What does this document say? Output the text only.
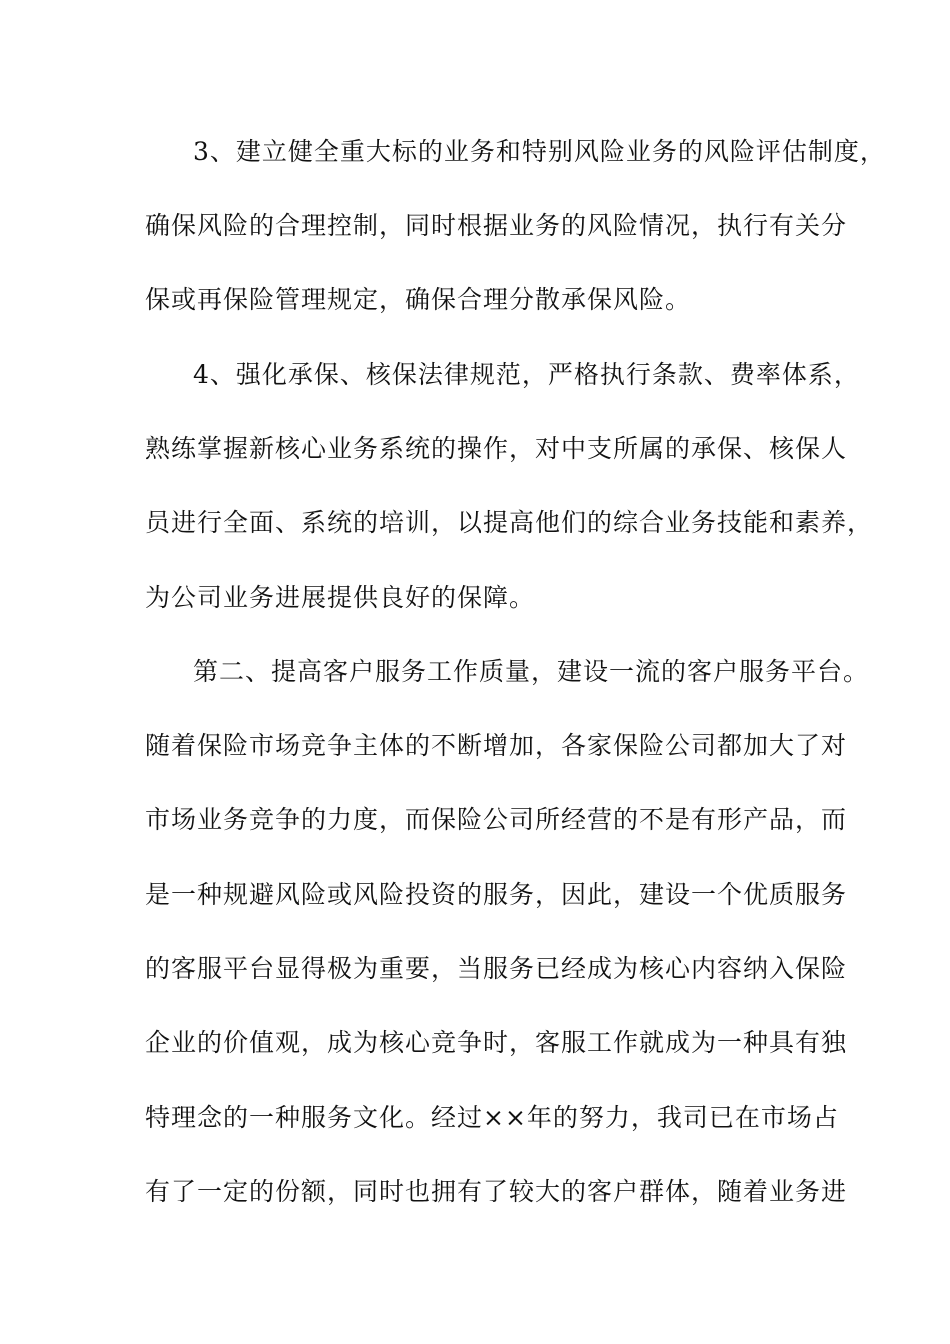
3、建立健全重大标的业务和特别风险业务的风险评估制度，
确保风险的合理控制，同时根据业务的风险情况，执行有关分
保或再保险管理规定，确保合理分散承保风险。
4、强化承保、核保法律规范，严格执行条款、费率体系，
熟练掌握新核心业务系统的操作，对中支所属的承保、核保人
员进行全面、系统的培训，以提高他们的综合业务技能和素养，
为公司业务进展提供良好的保障。
第二、提高客户服务工作质量，建设一流的客户服务平台。
随着保险市场竞争主体的不断增加，各家保险公司都加大了对
市场业务竞争的力度，而保险公司所经营的不是有形产品，而
是一种规避风险或风险投资的服务，因此，建设一个优质服务
的客服平台显得极为重要，当服务已经成为核心内容纳入保险
企业的价值观，成为核心竞争时，客服工作就成为一种具有独
特理念的一种服务文化。经过××年的努力，我司已在市场占
有了一定的份额，同时也拥有了较大的客户群体，随着业务进
